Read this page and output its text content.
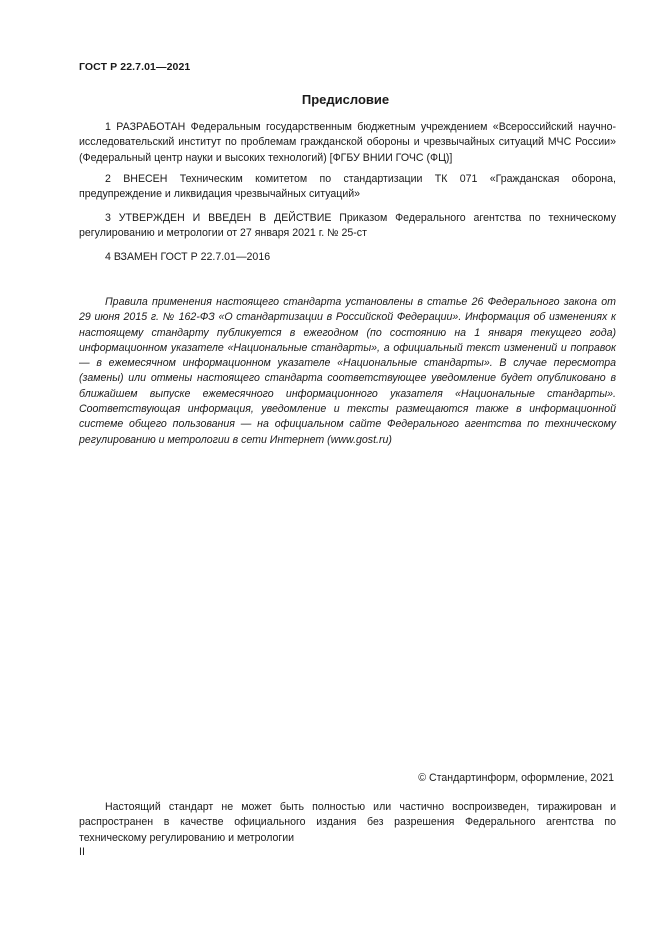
ГОСТ Р 22.7.01—2021
Предисловие

1 РАЗРАБОТАН Федеральным государственным бюджетным учреждением «Всероссийский научно-исследовательский институт по проблемам гражданской обороны и чрезвычайных ситуаций МЧС России» (Федеральный центр науки и высоких технологий) [ФГБУ ВНИИ ГОЧС (ФЦ)]

2 ВНЕСЕН Техническим комитетом по стандартизации ТК 071 «Гражданская оборона, предупреждение и ликвидация чрезвычайных ситуаций»

3 УТВЕРЖДЕН И ВВЕДЕН В ДЕЙСТВИЕ Приказом Федерального агентства по техническому регулированию и метрологии от 27 января 2021 г. № 25-ст

4 ВЗАМЕН ГОСТ Р 22.7.01—2016

Правила применения настоящего стандарта установлены в статье 26 Федерального закона от 29 июня 2015 г. № 162-ФЗ «О стандартизации в Российской Федерации». Информация об изменениях к настоящему стандарту публикуется в ежегодном (по состоянию на 1 января текущего года) информационном указателе «Национальные стандарты», а официальный текст изменений и поправок — в ежемесячном информационном указателе «Национальные стандарты». В случае пересмотра (замены) или отмены настоящего стандарта соответствующее уведомление будет опубликовано в ближайшем выпуске ежемесячного информационного указателя «Национальные стандарты». Соответствующая информация, уведомление и тексты размещаются также в информационной системе общего пользования — на официальном сайте Федерального агентства по техническому регулированию и метрологии в сети Интернет (www.gost.ru)

© Стандартинформ, оформление, 2021

Настоящий стандарт не может быть полностью или частично воспроизведен, тиражирован и распространен в качестве официального издания без разрешения Федерального агентства по техническому регулированию и метрологии

II
